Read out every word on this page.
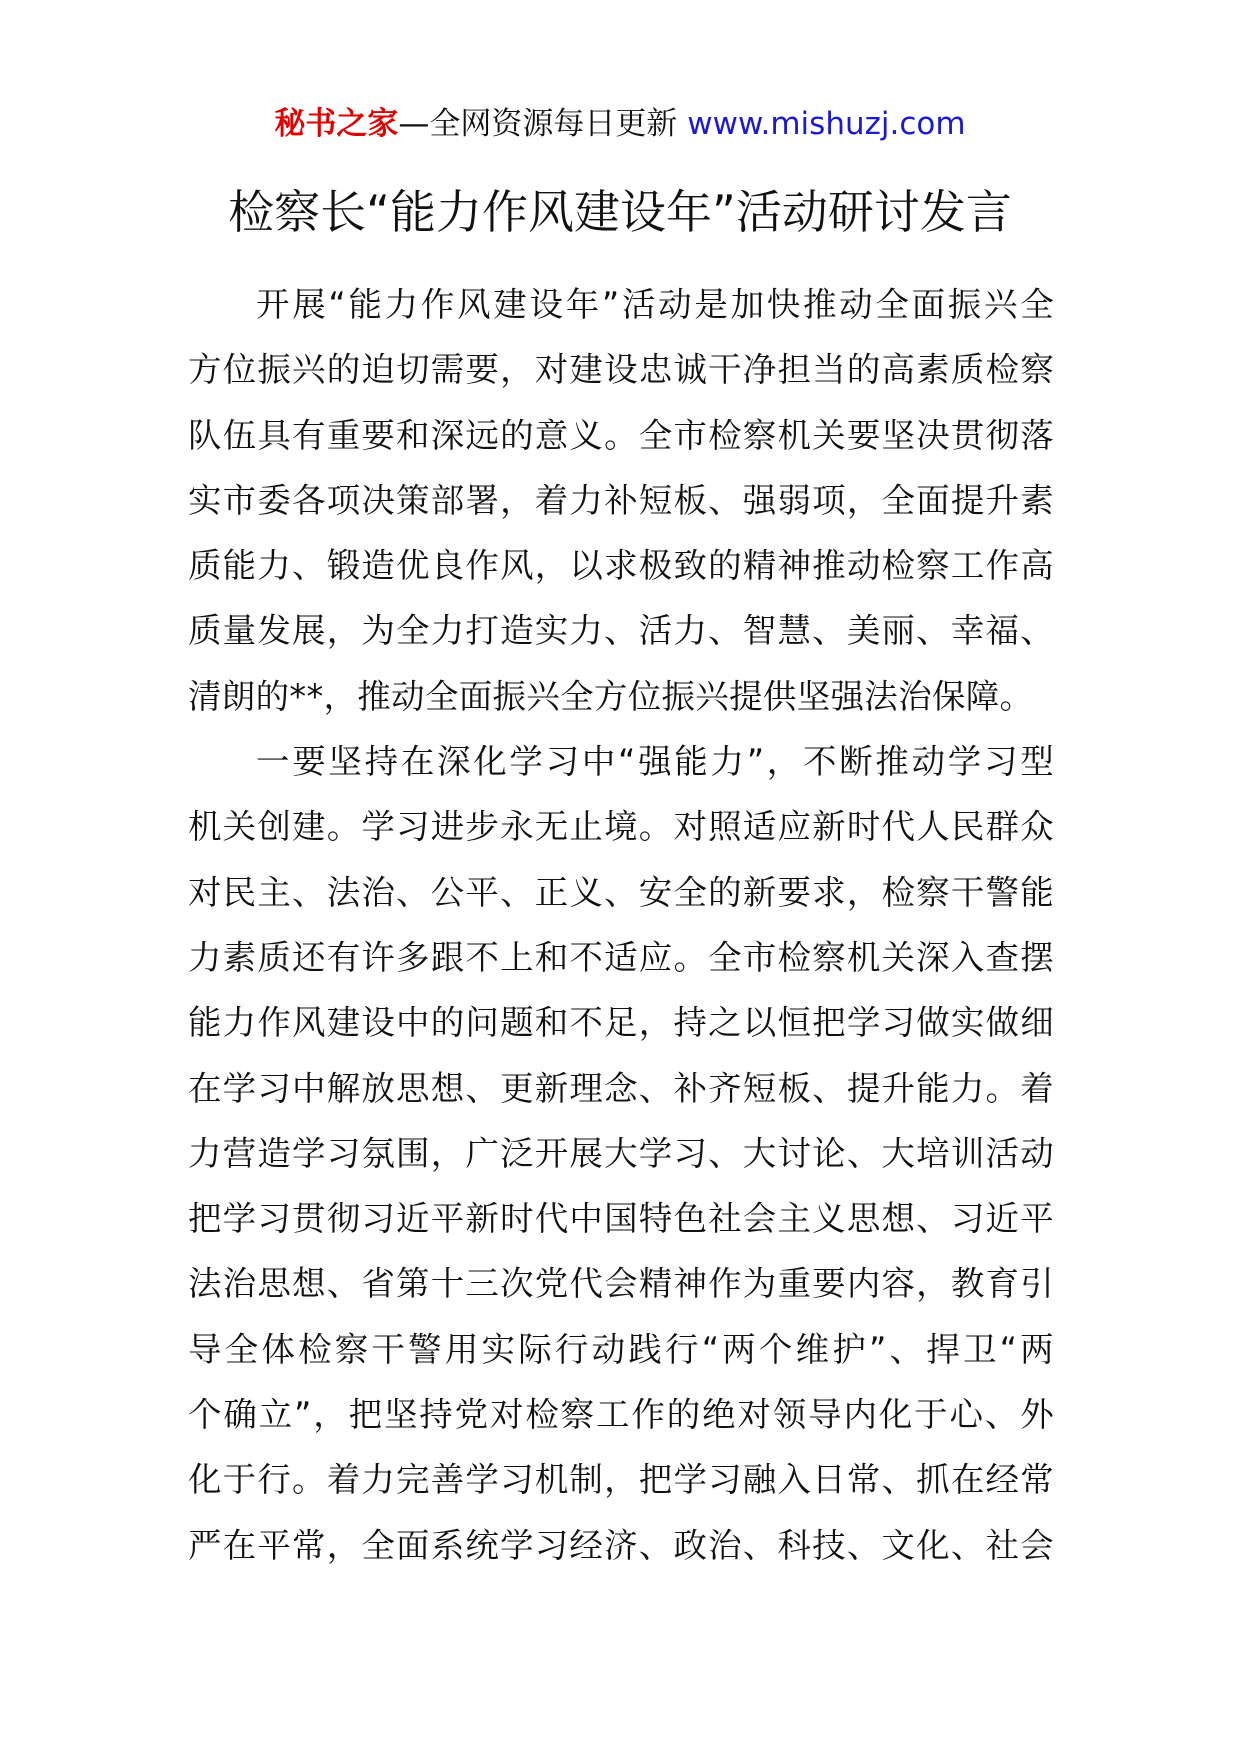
秘书之家—全网资源每日更新 www.mishuzj.com
检察长“能力作风建设年”活动研讨发言
开展“能力作风建设年”活动是加快推动全面振兴全
方位振兴的迫切需要，对建设忠诚干净担当的高素质检察
队伍具有重要和深远的意义。全市检察机关要坚决贯彻落
实市委各项决策部署，着力补短板、强弱项，全面提升素
质能力、锻造优良作风，以求极致的精神推动检察工作高
质量发展，为全力打造实力、活力、智慧、美丽、幸福、
清朗的**，推动全面振兴全方位振兴提供坚强法治保障。
一要坚持在深化学习中“强能力”，不断推动学习型
机关创建。学习进步永无止境。对照适应新时代人民群众
对民主、法治、公平、正义、安全的新要求，检察干警能
力素质还有许多跟不上和不适应。全市检察机关深入查摆
能力作风建设中的问题和不足，持之以恒把学习做实做细
在学习中解放思想、更新理念、补齐短板、提升能力。着
力营造学习氛围，广泛开展大学习、大讨论、大培训活动
把学习贯彻习近平新时代中国特色社会主义思想、习近平
法治思想、省第十三次党代会精神作为重要内容，教育引
导全体检察干警用实际行动践行“两个维护”、捍卫“两
个确立”，把坚持党对检察工作的绝对领导内化于心、外
化于行。着力完善学习机制，把学习融入日常、抓在经常
严在平常，全面系统学习经济、政治、科技、文化、社会
